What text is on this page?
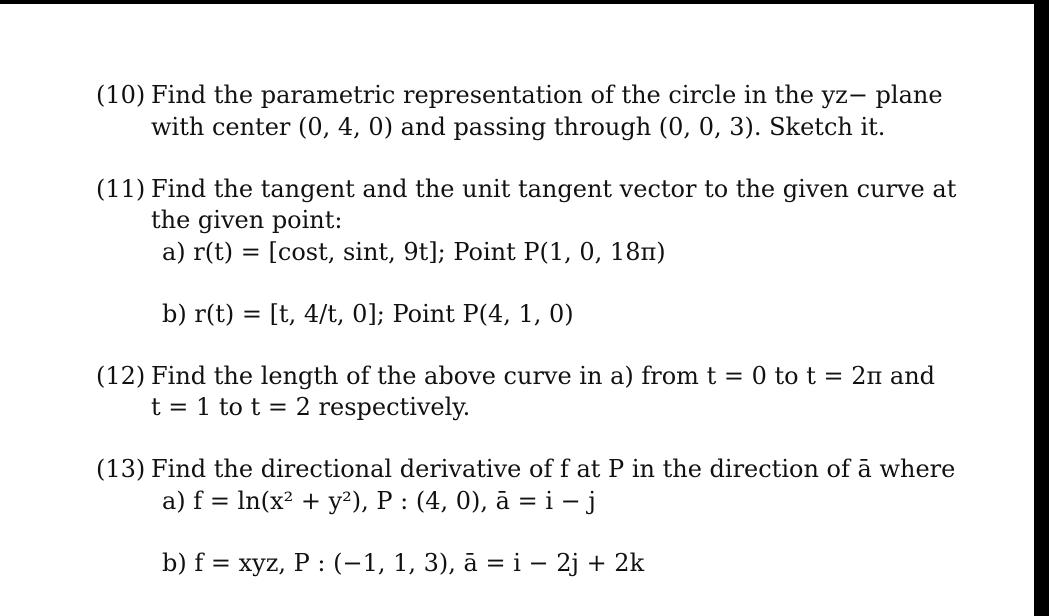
(10) Find the parametric representation of the circle in the yz− plane
with center (0, 4, 0) and passing through (0, 0, 3). Sketch it.
(11) Find the tangent and the unit tangent vector to the given curve at
the given point:
a) r(t) = [cost, sint, 9t]; Point P(1, 0, 18π)
b) r(t) = [t, 4/t, 0]; Point P(4, 1, 0)
(12) Find the length of the above curve in a) from t = 0 to t = 2π and
t = 1 to t = 2 respectively.
(13) Find the directional derivative of f at P in the direction of ā where
a) f = ln(x² + y²), P : (4, 0), ā = i − j
b) f = xyz, P : (−1, 1, 3), ā = i − 2j + 2k
